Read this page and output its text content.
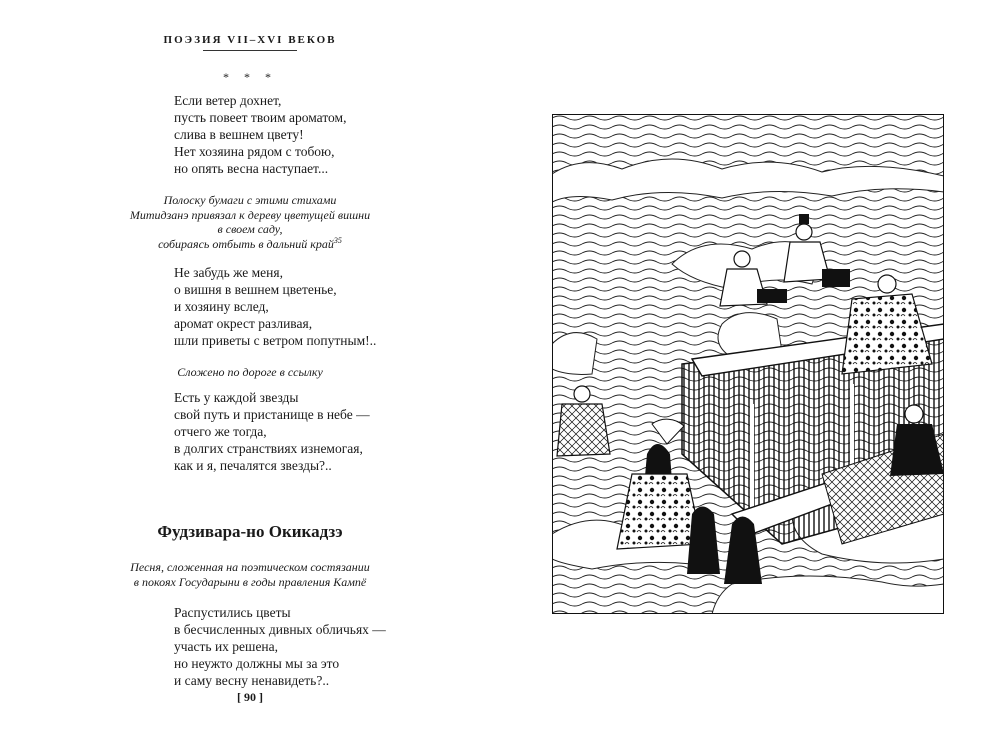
ПОЭЗИЯ VII–XVI ВЕКОВ
* * *
Если ветер дохнет,
пусть повеет твоим ароматом,
слива в вешнем цвету!
Нет хозяина рядом с тобою,
но опять весна наступает...
Полоску бумаги с этими стихами
Митидзанэ привязал к дереву цветущей вишни
в своем саду,
собираясь отбыть в дальний край$^{35}$
Не забудь же меня,
о вишня в вешнем цветенье,
и хозяину вслед,
аромат окрест разливая,
шли приветы с ветром попутным!..
Сложено по дороге в ссылку
Есть у каждой звезды
свой путь и пристанище в небе —
отчего же тогда,
в долгих странствиях изнемогая,
как и я, печалятся звезды?..
Фудзивара-но Окикадзэ
Песня, сложенная на поэтическом состязании
в покоях Государыни в годы правления Кампё
Распустились цветы
в бесчисленных дивных обличьях —
участь их решена,
но неужто должны мы за это
и саму весну ненавидеть?..
[ 90 ]
